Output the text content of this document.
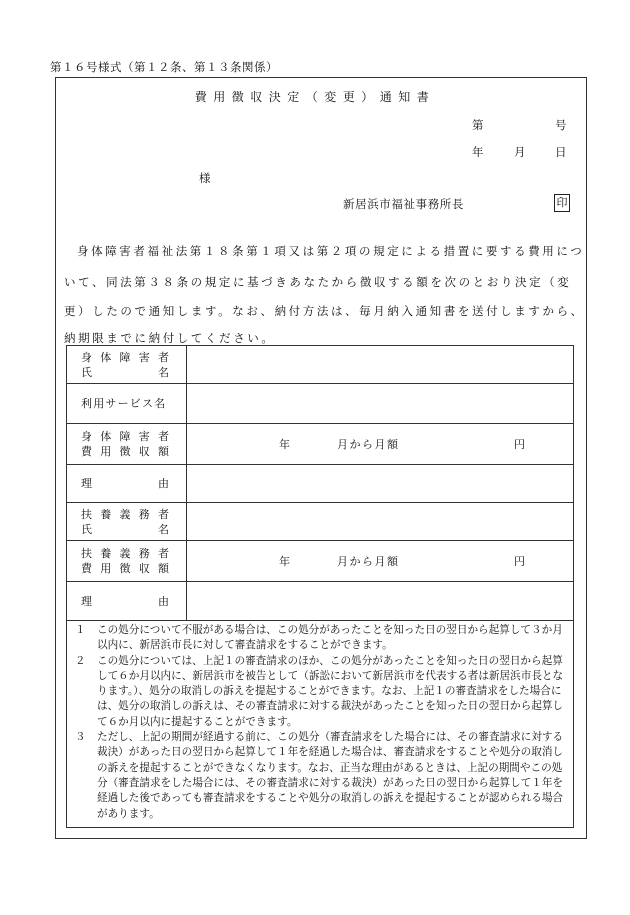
第１６号様式（第１２条、第１３条関係）
費用徴収決定（変更）通知書
第	号
年	月	日
様
新居浜市福祉事務所長	印
身体障害者福祉法第１８条第１項又は第２項の規定による措置に要する費用につ
いて、同法第３８条の規定に基づきあなたから徴収する額を次のとおり決定（変
更）したので通知します。なお、納付方法は、毎月納入通知書を送付しますから、
納期限までに納付してください。
身体障害者
氏名	

利用サービス名	

身体障害者
費用徴収額	年 月から月額 円

理由	

扶養義務者
氏名	

扶養義務者
費用徴収額	年 月から月額 円

理由	

１	この処分について不服がある場合は、この処分があったことを知った日の翌日から起算して３か月以内に、新居浜市長に対して審査請求をすることができます。
２	この処分については、上記１の審査請求のほか、この処分があったことを知った日の翌日から起算して６か月以内に、新居浜市を被告として（訴訟において新居浜市を代表する者は新居浜市長となります。）、処分の取消しの訴えを提起することができます。なお、上記１の審査請求をした場合には、処分の取消しの訴えは、その審査請求に対する裁決があったことを知った日の翌日から起算して６か月以内に提起することができます。
３	ただし、上記の期間が経過する前に、この処分（審査請求をした場合には、その審査請求に対する裁決）があった日の翌日から起算して１年を経過した場合は、審査請求をすることや処分の取消しの訴えを提起することができなくなります。なお、正当な理由があるときは、上記の期間やこの処分（審査請求をした場合には、その審査請求に対する裁決）があった日の翌日から起算して１年を経過した後であっても審査請求をすることや処分の取消しの訴えを提起することが認められる場合があります。
